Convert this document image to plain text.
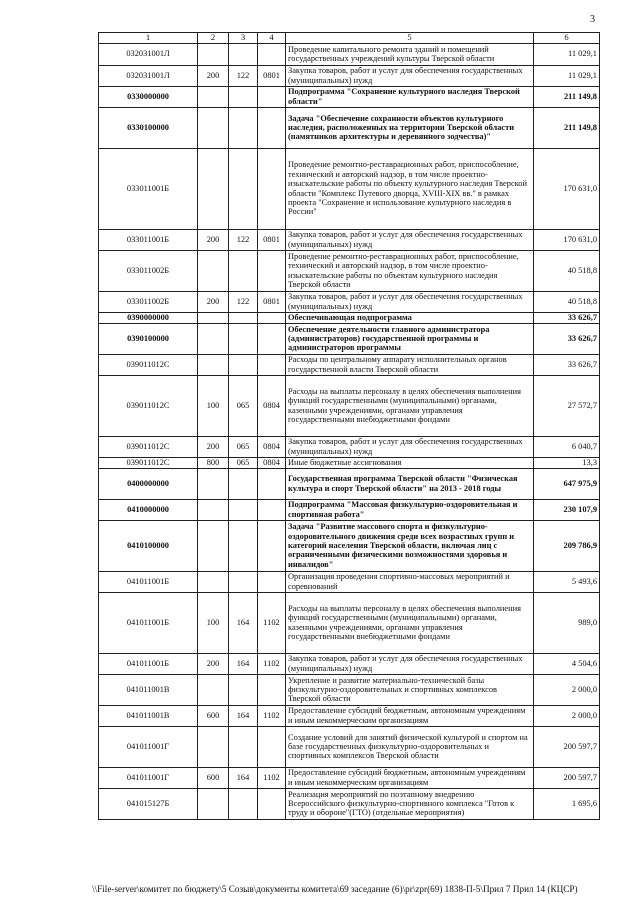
3
1	2	3	4	5	6
032031001Л				Проведение капитального ремонта зданий и помещений государственных учреждений культуры Тверской области	11 029,1
032031001Л	200	122	0801	Закупка товаров, работ и услуг для обеспечения государственных (муниципальных) нужд	11 029,1
0330000000				Подпрограмма "Сохранение культурного наследия Тверской области"	211 149,8
0330100000				Задача "Обеспечение сохранности объектов культурного наследия, расположенных на территории Тверской области (памятников архитектуры и деревянного зодчества)"	211 149,8
033011001Б				Проведение ремонтно-реставрационных работ, приспособление, технический и авторский надзор, в том числе проектно-изыскательские работы по объекту культурного наследия Тверской области "Комплекс Путевого дворца, XVIII-XIX вв." в рамках проекта "Сохранение и использование культурного наследия в России"	170 631,0
033011001Б	200	122	0801	Закупка товаров, работ и услуг для обеспечения государственных (муниципальных) нужд	170 631,0
033011002Б				Проведение ремонтно-реставрационных работ, приспособление, технический и авторский надзор, в том числе проектно-изыскательские работы по объектам культурного наследия Тверской области	40 518,8
033011002Б	200	122	0801	Закупка товаров, работ и услуг для обеспечения государственных (муниципальных) нужд	40 518,8
0390000000				Обеспечивающая подпрограмма	33 626,7
0390100000				Обеспечение деятельности главного администратора (администраторов) государственной программы и администраторов программы	33 626,7
039011012С				Расходы по центральному аппарату исполнительных органов государственной власти Тверской области	33 626,7
039011012С	100	065	0804	Расходы на выплаты персоналу в целях обеспечения выполнения функций государственными (муниципальными) органами, казенными учреждениями, органами управления государственными внебюджетными фондами	27 572,7
039011012С	200	065	0804	Закупка товаров, работ и услуг для обеспечения государственных (муниципальных) нужд	6 040,7
039011012С	800	065	0804	Иные бюджетные ассигнования	13,3
0400000000				Государственная программа Тверской области "Физическая культура и спорт Тверской области" на 2013 - 2018 годы	647 975,9
0410000000				Подпрограмма "Массовая физкультурно-оздоровительная и спортивная работа"	230 107,9
0410100000				Задача "Развитие массового спорта и физкультурно-оздоровительного движения среди всех возрастных групп и категорий населения Тверской области, включая лиц с ограниченными физическими возможностями здоровья и инвалидов"	209 786,9
041011001Б				Организация проведения спортивно-массовых мероприятий и соревнований	5 493,6
041011001Б	100	164	1102	Расходы на выплаты персоналу в целях обеспечения выполнения функций государственными (муниципальными) органами, казенными учреждениями, органами управления государственными внебюджетными фондами	989,0
041011001Б	200	164	1102	Закупка товаров, работ и услуг для обеспечения государственных (муниципальных) нужд	4 504,6
041011001В				Укрепление и развитие материально-технической базы физкультурно-оздоровительных и спортивных комплексов Тверской области	2 000,0
041011001В	600	164	1102	Предоставление субсидий бюджетным, автономным учреждениям и иным некоммерческим организациям	2 000,0
041011001Г				Создание условий для занятий физической культурой и спортом на базе государственных физкультурно-оздоровительных и спортивных комплексов Тверской области	200 597,7
041011001Г	600	164	1102	Предоставление субсидий бюджетным, автономным учреждениям и иным некоммерческим организациям	200 597,7
041015127Б				Реализация мероприятий по поэтапному внедрению Всероссийского физкультурно-спортивного комплекса "Готов к труду и обороне"(ГТО) (отдельные мероприятия)	1 695,6
\\File-server\комитет по бюджету\5 Созыв\документы комитета\69 заседание (6)\pr\zpr(69) 1838-П-5\Прил 7 Прил 14 (КЦСР)
